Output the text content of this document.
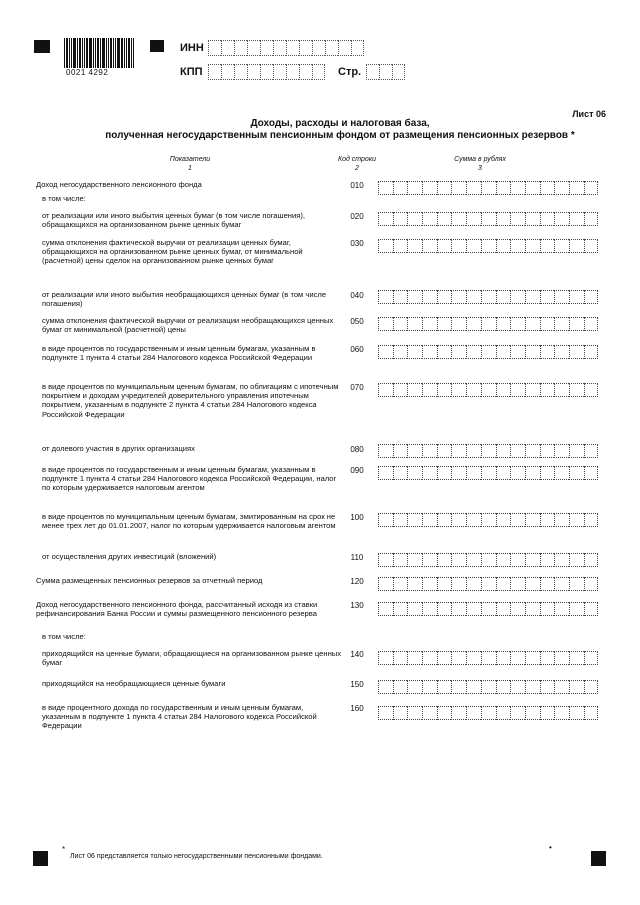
0021 4292
ИНН
КПП	Стр.
Лист 06
Доходы, расходы и налоговая база,
полученная негосударственным пенсионным фондом от размещения пенсионных резервов *
Показатели
1
Код строки
2
Сумма в рублях
3
Доход негосударственного пенсионного фонда	010
в том числе:
от реализации или иного выбытия ценных бумаг (в том числе погашения), обращающихся на организованном рынке ценных бумаг
020
сумма отклонения фактической выручки от реализации ценных бумаг, обращающихся на организованном рынке ценных бумаг, от минимальной (расчетной) цены сделок на организованном рынке ценных бумаг
030
от реализации или иного выбытия необращающихся ценных бумаг (в том числе погашения)
040
сумма отклонения фактической выручки от реализации необращающихся ценных бумаг от минимальной (расчетной) цены
050
в виде процентов по государственным и иным ценным бумагам, указанным в подпункте 1 пункта 4 статьи 284 Налогового кодекса Российской Федерации
060
в виде процентов по муниципальным ценным бумагам, по облигациям с ипотечным покрытием и доходам учредителей доверительного управления ипотечным покрытием, указанным в подпункте 2 пункта 4 статьи 284 Налогового кодекса Российской Федерации
070
от долевого участия в других организациях	080
в виде процентов по государственным и иным ценным бумагам, указанным в подпункте 1 пункта 4 статьи 284 Налогового кодекса Российской Федерации, налог по которым удерживается налоговым агентом
090
в виде процентов по муниципальным ценным бумагам, эмитированным на срок не менее трех лет до 01.01.2007, налог по которым удерживается налоговым агентом
100
от осуществления других инвестиций (вложений)	110
Сумма размещенных пенсионных резервов за отчетный период	120
Доход негосударственного пенсионного фонда, рассчитанный исходя из ставки рефинансирования Банка России и суммы размещенного пенсионного резерва
130
в том числе:
приходящийся на ценные бумаги, обращающиеся на организованном рынке ценных бумаг
140
приходящийся на необращающиеся ценные бумаги	150
в виде процентного дохода по государственным и иным ценным бумагам, указанным в подпункте 1 пункта 4 статьи 284 Налогового кодекса Российской Федерации
160
*	•
Лист 06 представляется только негосударственными пенсионными фондами.
